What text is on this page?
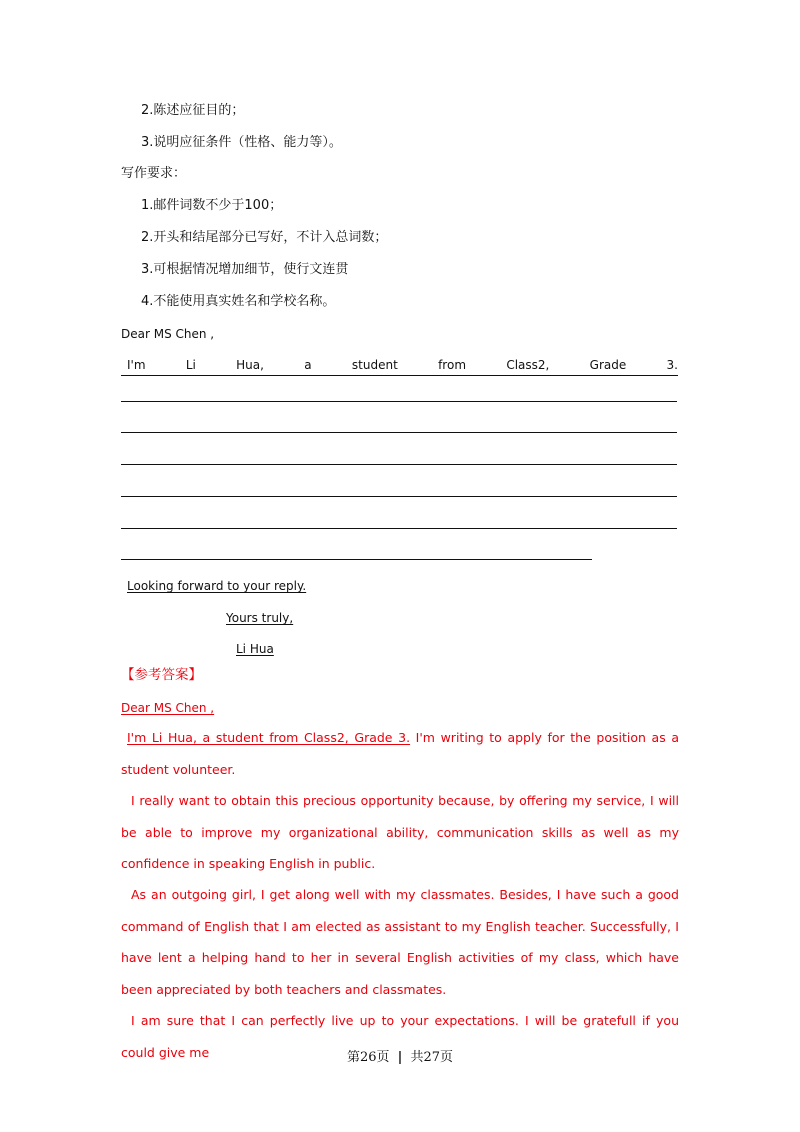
2.陈述应征目的；
3.说明应征条件（性格、能力等）。
写作要求：
1.邮件词数不少于100；
2.开头和结尾部分已写好，不计入总词数；
3.可根据情况增加细节，使行文连贯
4.不能使用真实姓名和学校名称。
Dear MS Chen ,
I'm	Li	Hua,	a	student	from	Class2,	Grade	3.
Looking forward to your reply.
Yours truly,
Li Hua
【参考答案】
Dear MS Chen ,
I'm Li Hua, a student from Class2, Grade 3. I'm writing to apply for the position as a student volunteer.
I really want to obtain this precious opportunity because, by offering my service, I will be able to improve my organizational ability, communication skills as well as my confidence in speaking English in public.
As an outgoing girl, I get along well with my classmates. Besides, I have such a good command of English that I am elected as assistant to my English teacher. Successfully, I have lent a helping hand to her in several English activities of my class, which have been appreciated by both teachers and classmates.
I am sure that I can perfectly live up to your expectations. I will be gratefull if you could give me	第26页 | 共27页
